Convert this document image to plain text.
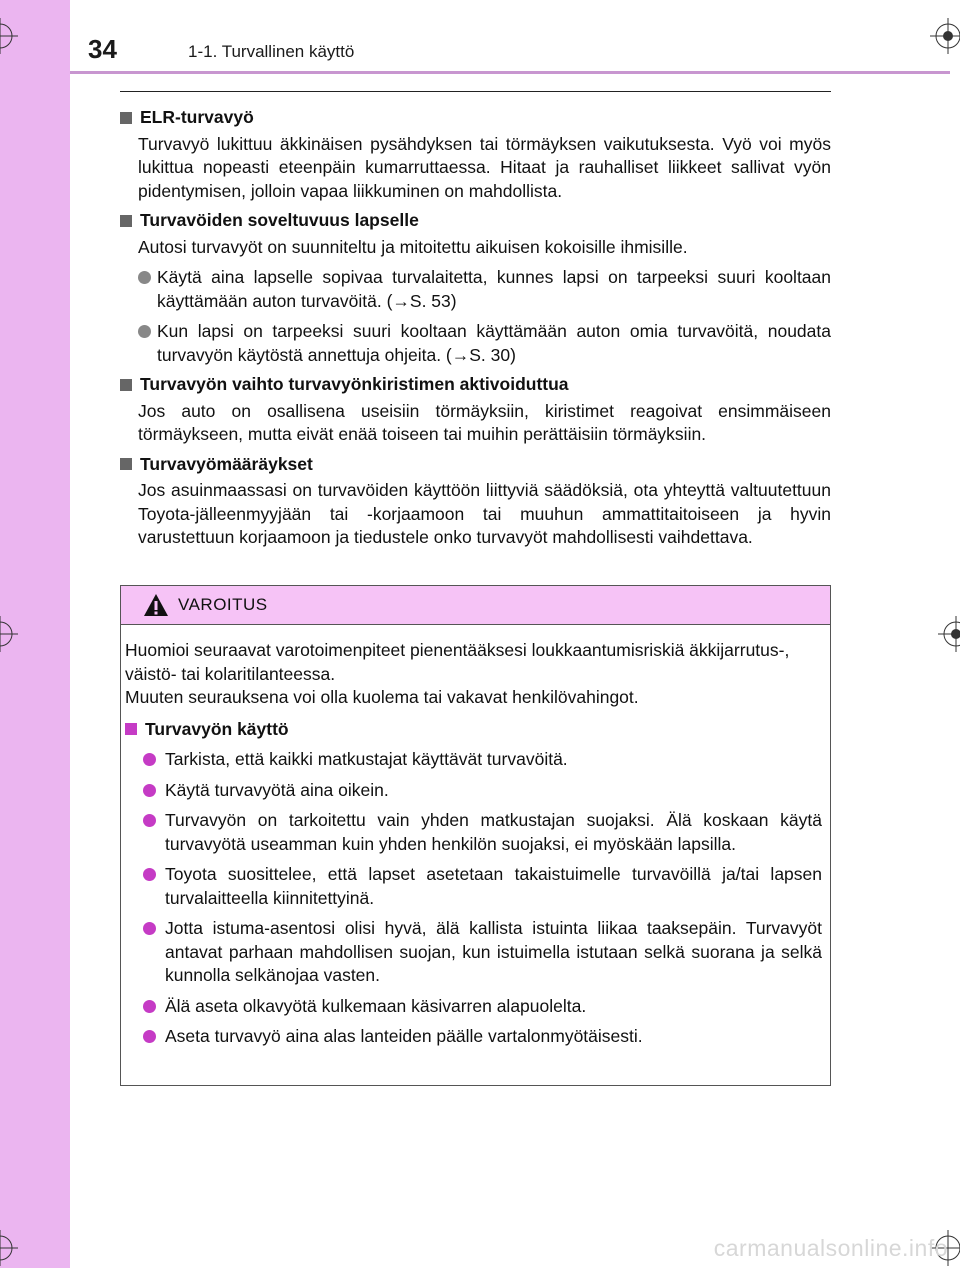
34	1-1. Turvallinen käyttö
ELR-turvavyö
Turvavyö lukittuu äkkinäisen pysähdyksen tai törmäyksen vaikutuksesta. Vyö voi myös lukittua nopeasti eteenpäin kumarruttaessa. Hitaat ja rauhalliset liikkeet sallivat vyön pidentymisen, jolloin vapaa liikkuminen on mahdollista.
Turvavöiden soveltuvuus lapselle
Autosi turvavyöt on suunniteltu ja mitoitettu aikuisen kokoisille ihmisille.
Käytä aina lapselle sopivaa turvalaitetta, kunnes lapsi on tarpeeksi suuri kooltaan käyttämään auton turvavöitä. (→S. 53)
Kun lapsi on tarpeeksi suuri kooltaan käyttämään auton omia turvavöitä, noudata turvavyön käytöstä annettuja ohjeita. (→S. 30)
Turvavyön vaihto turvavyönkiristimen aktivoiduttua
Jos auto on osallisena useisiin törmäyksiin, kiristimet reagoivat ensimmäiseen törmäykseen, mutta eivät enää toiseen tai muihin perättäisiin törmäyksiin.
Turvavyömääräykset
Jos asuinmaassasi on turvavöiden käyttöön liittyviä säädöksiä, ota yhteyttä valtuutettuun Toyota-jälleenmyyjään tai -korjaamoon tai muuhun ammattitaitoiseen ja hyvin varustettuun korjaamoon ja tiedustele onko turvavyöt mahdollisesti vaihdettava.
VAROITUS
Huomioi seuraavat varotoimenpiteet pienentääksesi loukkaantumisriskiä äkkijarrutus-, väistö- tai kolaritilanteessa.
Muuten seurauksena voi olla kuolema tai vakavat henkilövahingot.
Turvavyön käyttö
Tarkista, että kaikki matkustajat käyttävät turvavöitä.
Käytä turvavyötä aina oikein.
Turvavyön on tarkoitettu vain yhden matkustajan suojaksi. Älä koskaan käytä turvavyötä useamman kuin yhden henkilön suojaksi, ei myöskään lapsilla.
Toyota suosittelee, että lapset asetetaan takaistuimelle turvavöillä ja/tai lapsen turvalaitteella kiinnitettyinä.
Jotta istuma-asentosi olisi hyvä, älä kallista istuinta liikaa taaksepäin. Turvavyöt antavat parhaan mahdollisen suojan, kun istuimella istutaan selkä suorana ja selkä kunnolla selkänojaa vasten.
Älä aseta olkavyötä kulkemaan käsivarren alapuolelta.
Aseta turvavyö aina alas lanteiden päälle vartalonmyötäisesti.
carmanualsonline.info
